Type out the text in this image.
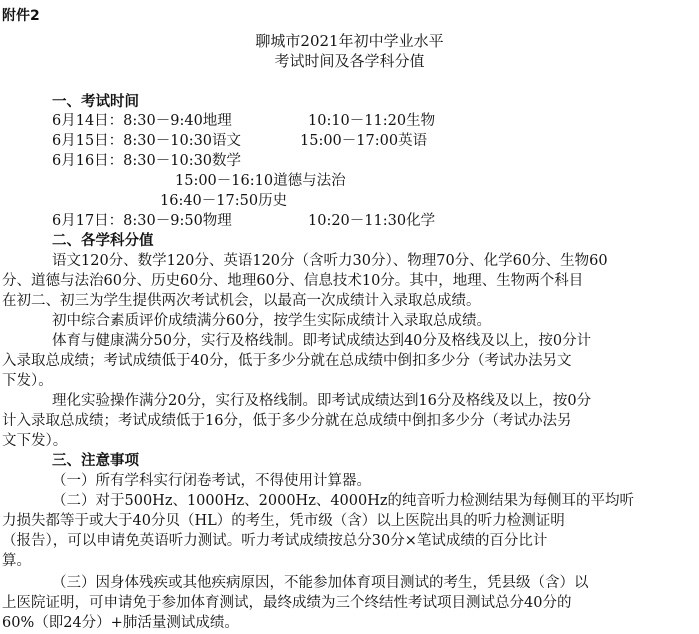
附件2
聊城市2021年初中学业水平
考试时间及各学科分值
一、考试时间
6月14日：8:30－9:40地理	10:10－11:20生物
6月15日：8:30－10:30语文	15:00－17:00英语
6月16日：8:30－10:30数学
15:00－16:10道德与法治
16:40－17:50历史
6月17日：8:30－9:50物理	10:20－11:30化学
二、各学科分值
语文120分、数学120分、英语120分（含听力30分）、物理70分、化学60分、生物60
分、道德与法治60分、历史60分、地理60分、信息技术10分。其中，地理、生物两个科目
在初二、初三为学生提供两次考试机会，以最高一次成绩计入录取总成绩。
初中综合素质评价成绩满分60分，按学生实际成绩计入录取总成绩。
体育与健康满分50分，实行及格线制。即考试成绩达到40分及格线及以上，按0分计
入录取总成绩；考试成绩低于40分，低于多少分就在总成绩中倒扣多少分（考试办法另文
下发）。
理化实验操作满分20分，实行及格线制。即考试成绩达到16分及格线及以上，按0分
计入录取总成绩；考试成绩低于16分，低于多少分就在总成绩中倒扣多少分（考试办法另
文下发）。
三、注意事项
（一）所有学科实行闭卷考试，不得使用计算器。
（二）对于500Hz、1000Hz、2000Hz、4000Hz的纯音听力检测结果为每侧耳的平均听
力损失都等于或大于40分贝（HL）的考生，凭市级（含）以上医院出具的听力检测证明
（报告），可以申请免英语听力测试。听力考试成绩按总分30分×笔试成绩的百分比计
算。
（三）因身体残疾或其他疾病原因，不能参加体育项目测试的考生，凭县级（含）以
上医院证明，可申请免于参加体育测试，最终成绩为三个终结性考试项目测试总分40分的
60%（即24分）+肺活量测试成绩。
